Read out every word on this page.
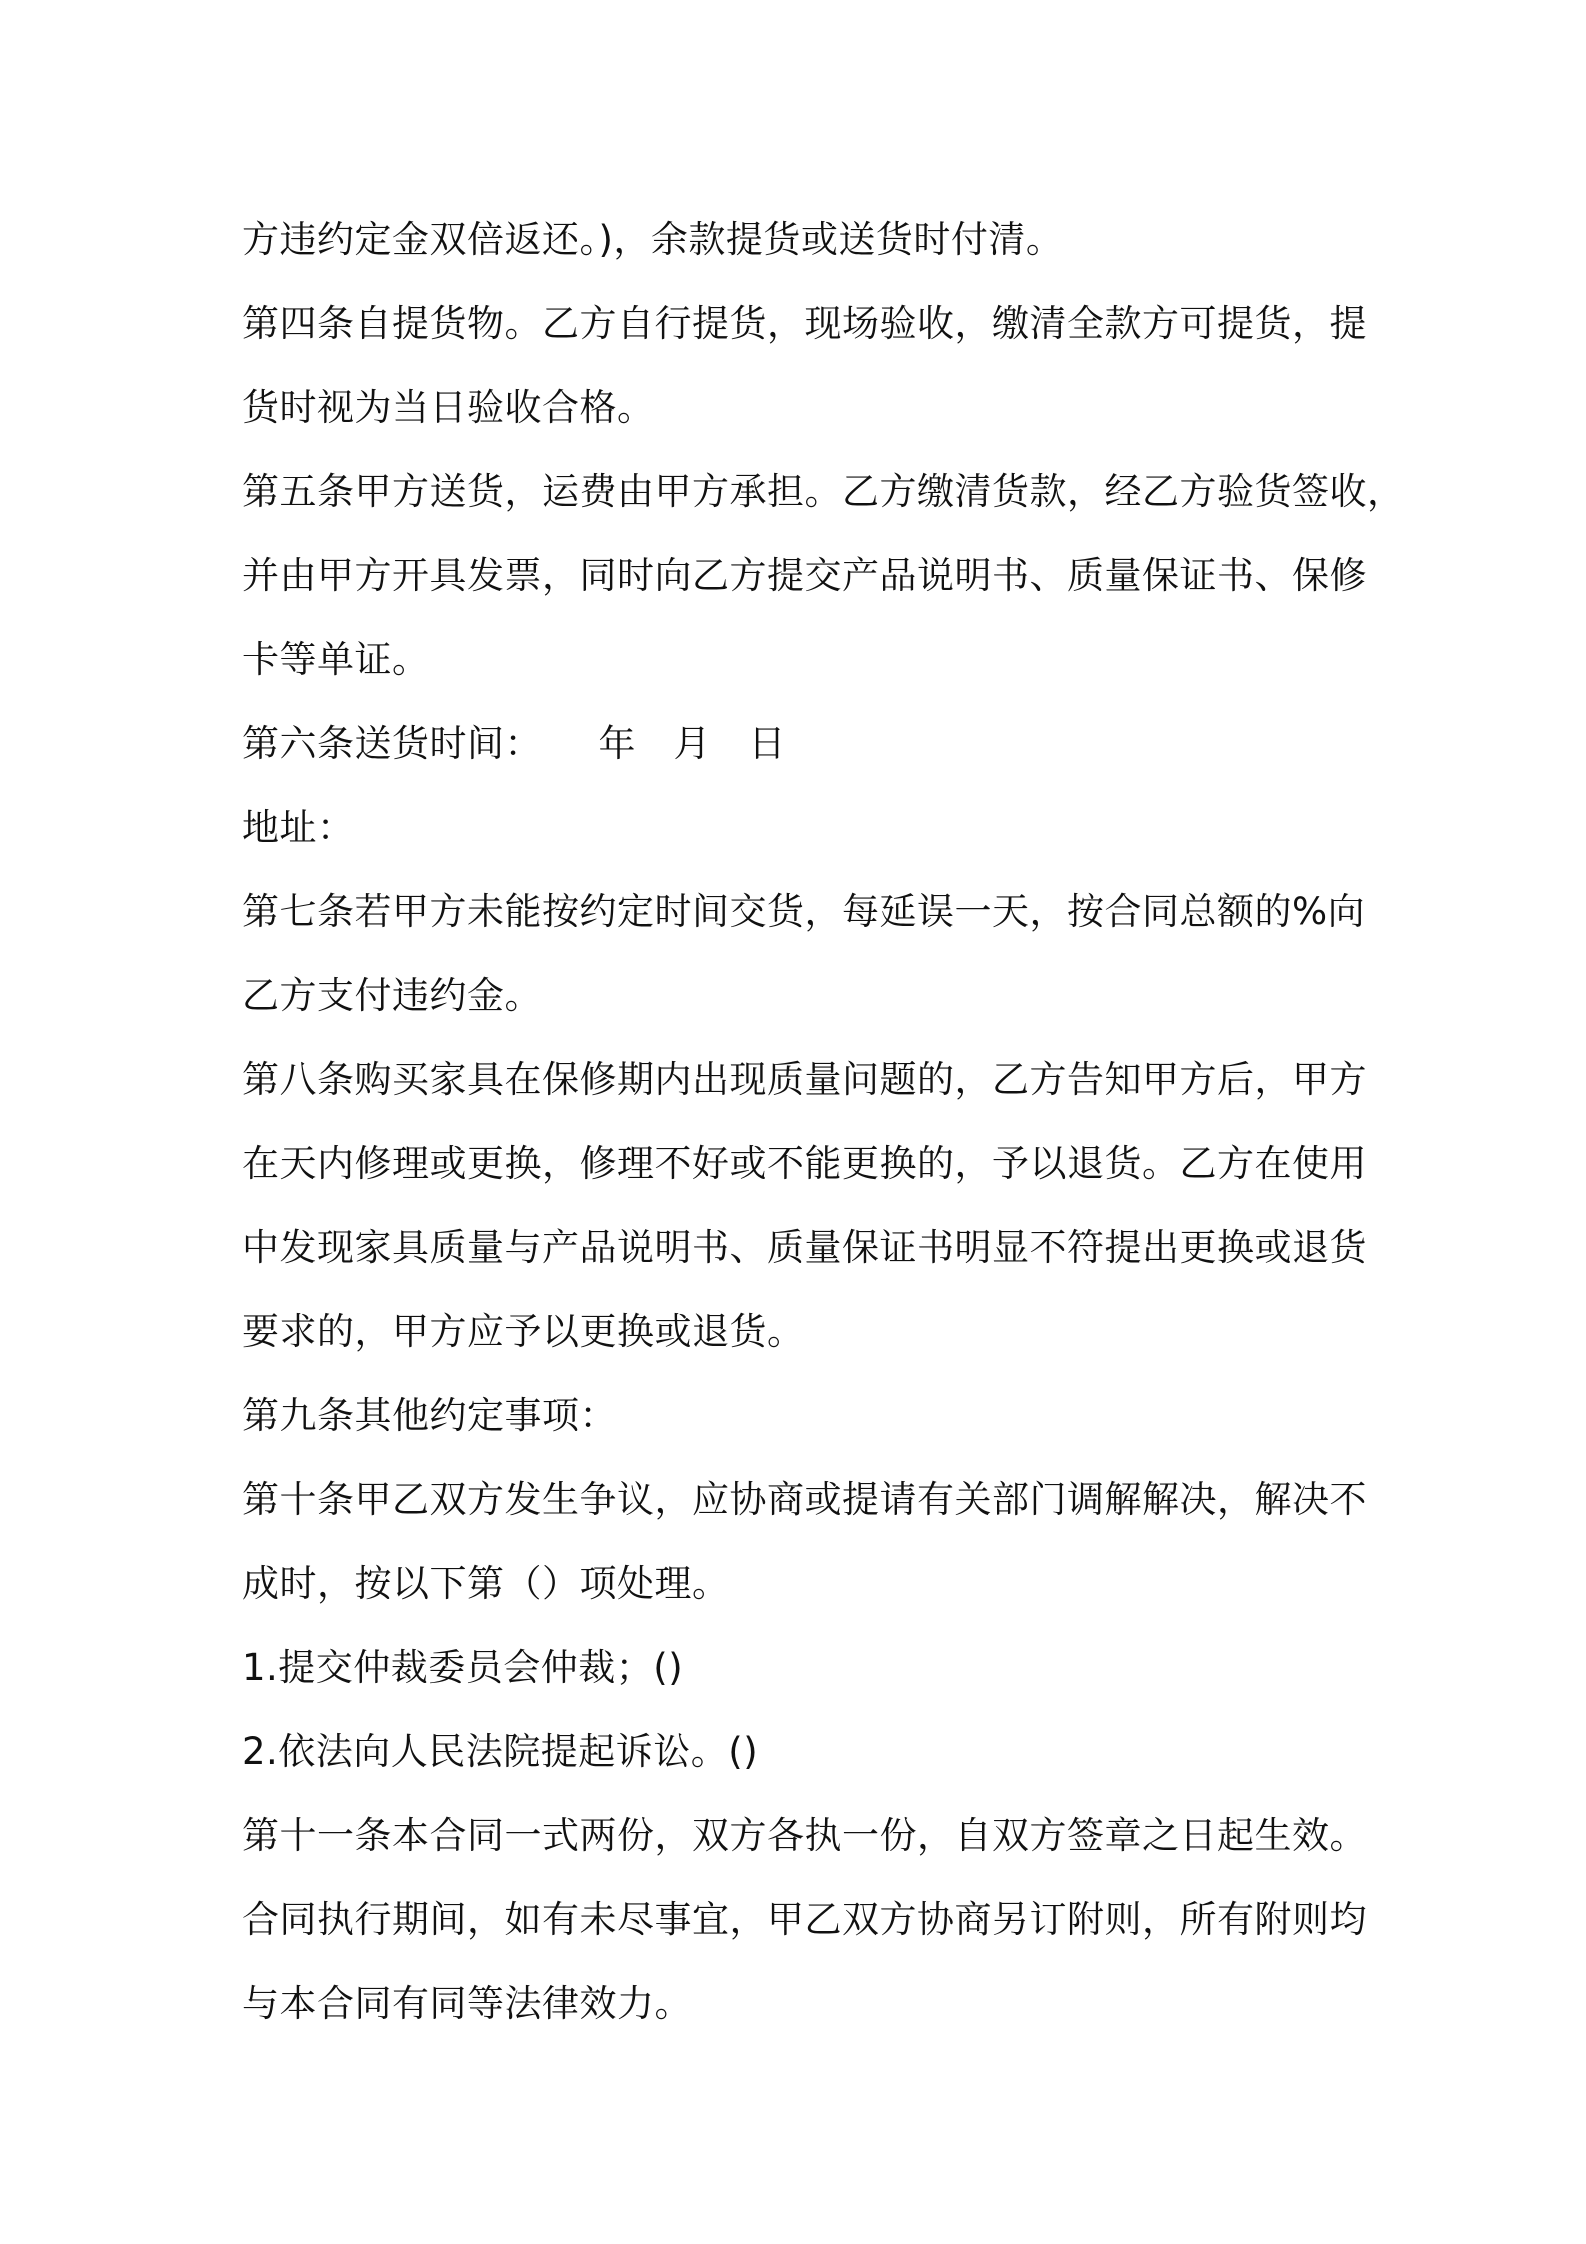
方违约定金双倍返还。)，余款提货或送货时付清。
第四条自提货物。乙方自行提货，现场验收，缴清全款方可提货，提
货时视为当日验收合格。
第五条甲方送货，运费由甲方承担。乙方缴清货款，经乙方验货签收，
并由甲方开具发票，同时向乙方提交产品说明书、质量保证书、保修
卡等单证。
第六条送货时间：　　年　月　日
地址：
第七条若甲方未能按约定时间交货，每延误一天，按合同总额的%向
乙方支付违约金。
第八条购买家具在保修期内出现质量问题的，乙方告知甲方后，甲方
在天内修理或更换，修理不好或不能更换的，予以退货。乙方在使用
中发现家具质量与产品说明书、质量保证书明显不符提出更换或退货
要求的，甲方应予以更换或退货。
第九条其他约定事项：
第十条甲乙双方发生争议，应协商或提请有关部门调解解决，解决不
成时，按以下第（）项处理。
1.提交仲裁委员会仲裁；()
2.依法向人民法院提起诉讼。()
第十一条本合同一式两份，双方各执一份，自双方签章之日起生效。
合同执行期间，如有未尽事宜，甲乙双方协商另订附则，所有附则均
与本合同有同等法律效力。
